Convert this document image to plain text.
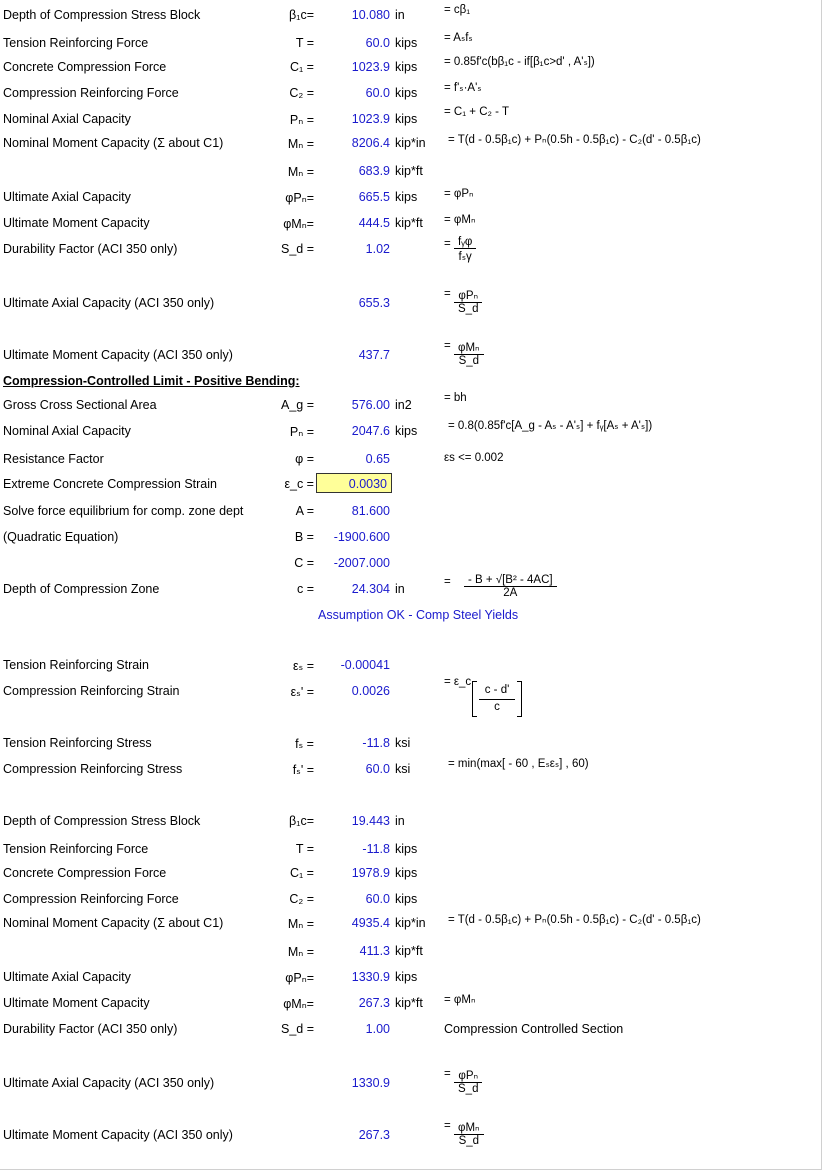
Depth of Compression Stress Block	β₁c=	10.080 in	= cβ₁
Tension Reinforcing Force	T =	60.0 kips = Aₛfₛ
Concrete Compression Force	C₁ =	1023.9 kips = 0.85f'c(bβ₁c - if[β₁c>d' , A'ₛ])
Compression Reinforcing Force	C₂ =	60.0 kips = f'ₛ·A'ₛ
Nominal Axial Capacity	Pₙ =	1023.9 kips = C₁ + C₂ - T
Nominal Moment Capacity (Σ about C1)	Mₙ =	8206.4 kip*in = T(d - 0.5β₁c) + Pₙ(0.5h - 0.5β₁c) - C₂(d' - 0.5β₁c)
Mₙ =	683.9 kip*ft
Ultimate Axial Capacity	φPₙ=	665.5 kips = φPₙ
Ultimate Moment Capacity	φMₙ=	444.5 kip*ft = φMₙ
Durability Factor (ACI 350 only)	S_d =	1.02	= fᵧφ
fₛγ
Ultimate Axial Capacity (ACI 350 only)	655.3
= φPₙ
S_d
Ultimate Moment Capacity (ACI 350 only)	437.7
= φMₙ
S_d
Compression-Controlled Limit - Positive Bending:
Gross Cross Sectional Area	A_g =	576.00 in2	= bh
Nominal Axial Capacity	Pₙ =	2047.6 kips	= 0.8(0.85f'c[A_g - Aₛ - A'ₛ] + fᵧ[Aₛ + A'ₛ])
Resistance Factor	φ =	0.65	εs <= 0.002
Extreme Concrete Compression Strain	ε_c =	0.0030
Solve force equilibrium for comp. zone dept	A =	81.600
(Quadratic Equation)	B =	-1900.600
C =	-2007.000
Depth of Compression Zone	c =	24.304 in	= $\frac{\text{- B + √[B² - 4AC]}}{2A}$
Assumption OK - Comp Steel Yields
Tension Reinforcing Strain	εₛ =	-0.00041
Compression Reinforcing Strain	εₛ' =	0.0026
= ε_c
c - d'
c
Tension Reinforcing Stress	fₛ =	-11.8 ksi
Compression Reinforcing Stress	fₛ' =	60.0 ksi	= min(max[ - 60 , Eₛεₛ] , 60)
Depth of Compression Stress Block	β₁c=	19.443 in
Tension Reinforcing Force	T =	-11.8 kips
Concrete Compression Force	C₁ =	1978.9 kips
Compression Reinforcing Force	C₂ =	60.0 kips
Nominal Moment Capacity (Σ about C1)	Mₙ =	4935.4 kip*in = T(d - 0.5β₁c) + Pₙ(0.5h - 0.5β₁c) - C₂(d' - 0.5β₁c)
Mₙ =	411.3 kip*ft
Ultimate Axial Capacity	φPₙ=	1330.9 kips
Ultimate Moment Capacity	φMₙ=	267.3 kip*ft = φMₙ
Durability Factor (ACI 350 only)	S_d =	1.00	Compression Controlled Section
Ultimate Axial Capacity (ACI 350 only)	1330.9
= φPₙ
S_d
Ultimate Moment Capacity (ACI 350 only)	267.3
= φMₙ
S_d
